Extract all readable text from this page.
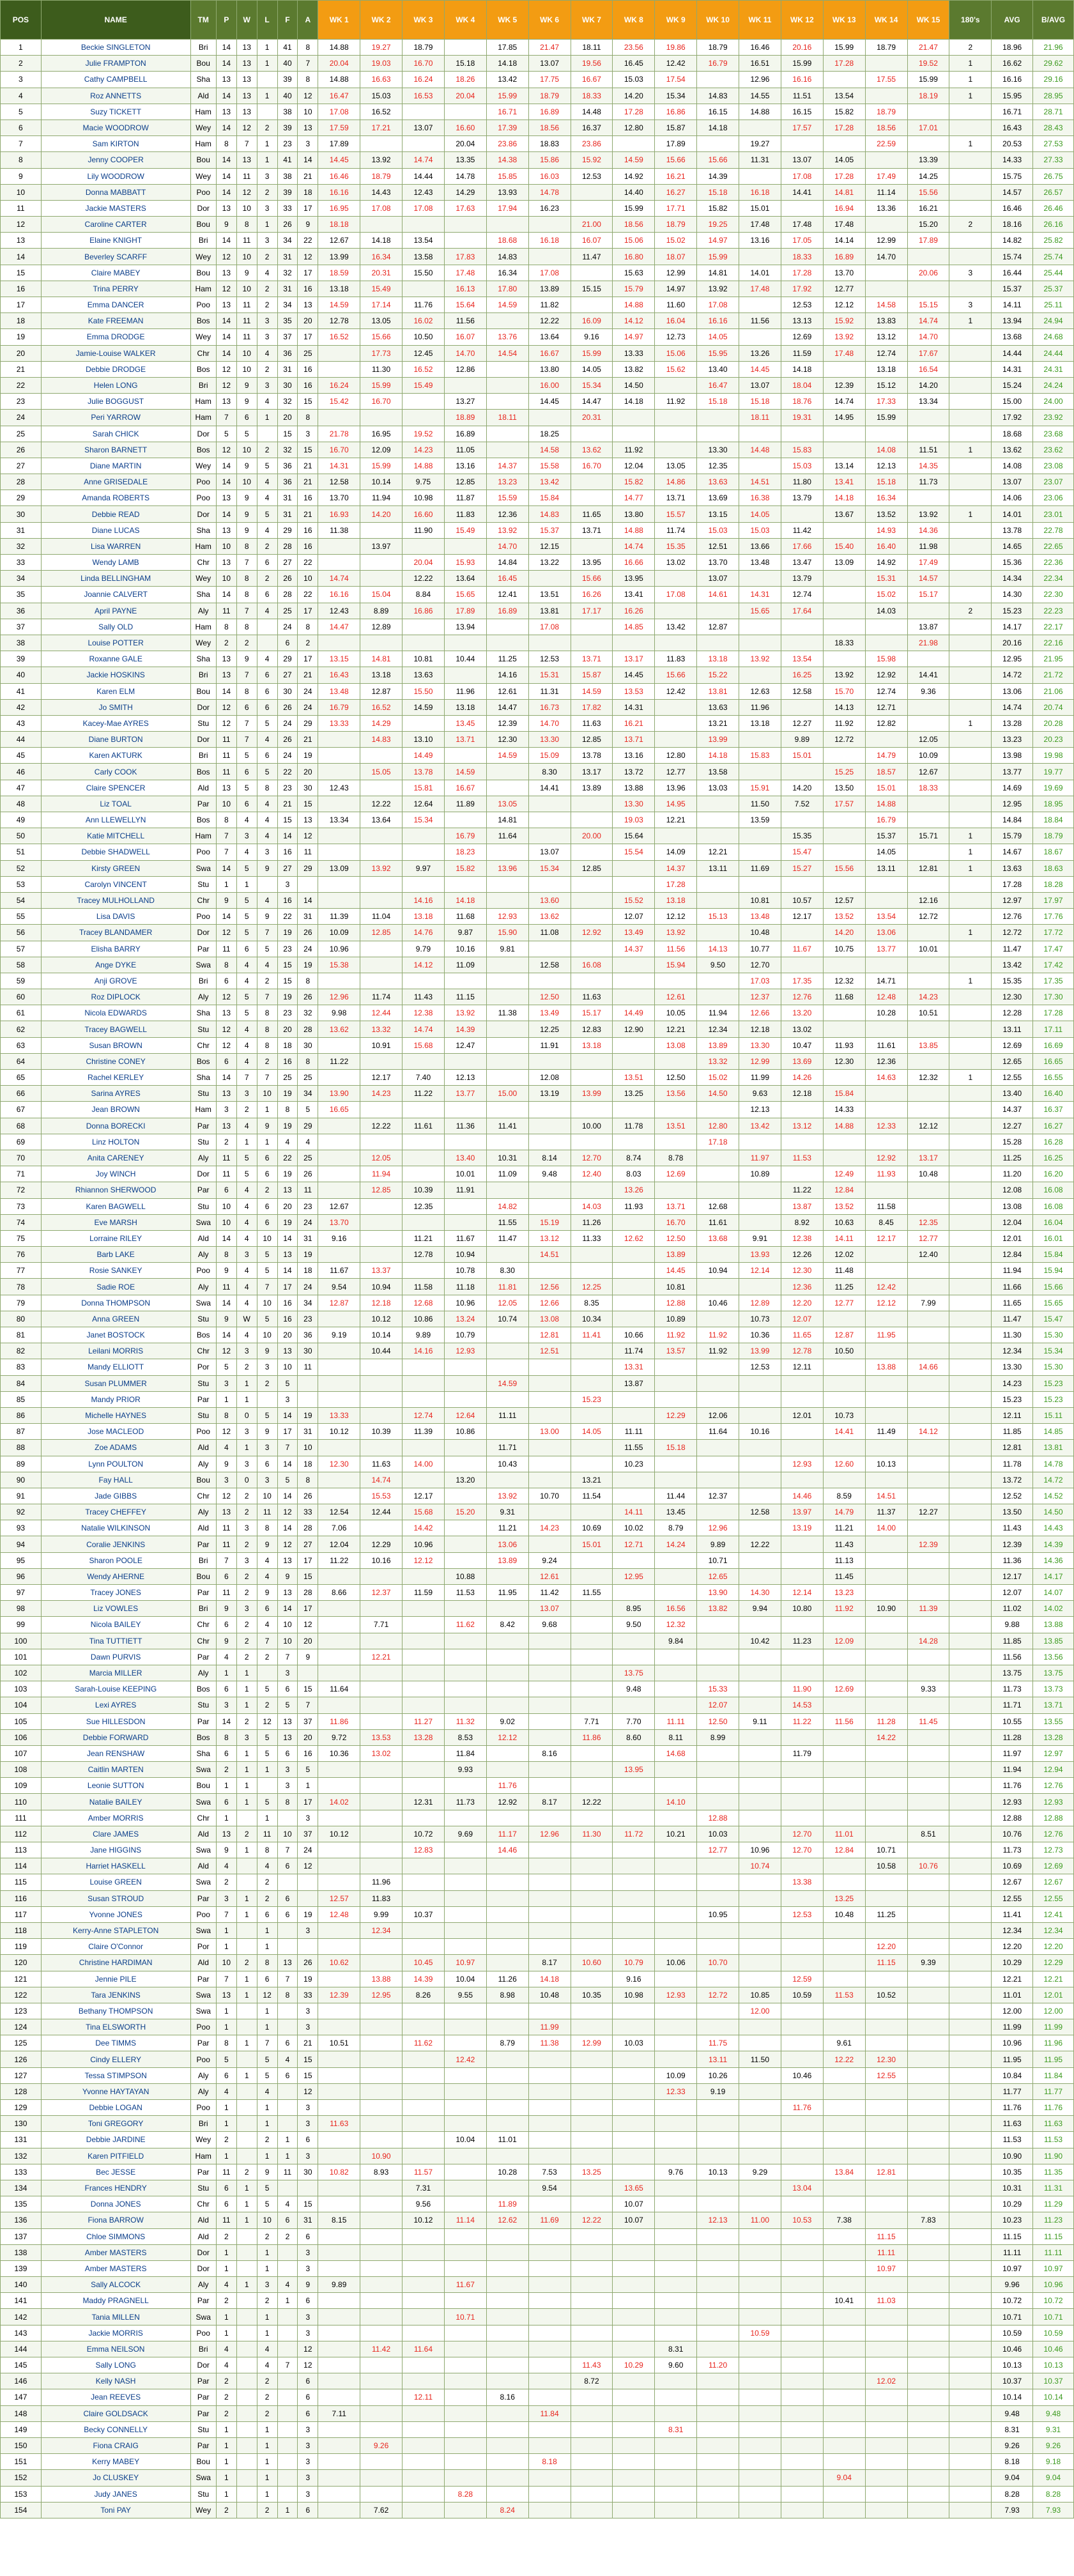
POS	NAME	TM	P	W	L	F	A	WK 1	WK 2	WK 3	WK 4	WK 5	WK 6	WK 7	WK 8	WK 9	WK 10	WK 11	WK 12	WK 13	WK 14	WK 15	180's	AVG	B/AVG
1	Beckie SINGLETON	Bri	14	13	1	41	8	14.88	19.27	18.79		17.85	21.47	18.11	23.56	19.86	18.79	16.46	20.16	15.99	18.79	21.47	2	18.96	21.96
2	Julie FRAMPTON	Bou	14	13	1	40	7	20.04	19.03	16.70	15.18	14.18	13.07	19.56	16.45	12.42	16.79	16.51	15.99	17.28		19.52	1	16.62	29.62
3	Cathy CAMPBELL	Sha	13	13		39	8	14.88	16.63	16.24	18.26	13.42	17.75	16.67	15.03	17.54		12.96	16.16		17.55	15.99	1	16.16	29.16
4	Roz ANNETTS	Ald	14	13	1	40	12	16.47	15.03	16.53	20.04	15.99	18.79	18.33	14.20	15.34	14.83	14.55	11.51	13.54		18.19	1	15.95	28.95
5	Suzy TICKETT	Ham	13	13		38	10	17.08	16.52			16.71	16.89	14.48	17.28	16.86	16.15	14.88	16.15	15.82	18.79			16.71	28.71
6	Macie WOODROW	Wey	14	12	2	39	13	17.59	17.21	13.07	16.60	17.39	18.56	16.37	12.80	15.87	14.18		17.57	17.28	18.56	17.01		16.43	28.43
7	Sam KIRTON	Ham	8	7	1	23	3	17.89			20.04	23.86	18.83	23.86		17.89		19.27			22.59		1	20.53	27.53
8	Jenny COOPER	Bou	14	13	1	41	14	14.45	13.92	14.74	13.35	14.38	15.86	15.92	14.59	15.66	15.66	11.31	13.07	14.05		13.39		14.33	27.33
9	Lily WOODROW	Wey	14	11	3	38	21	16.46	18.79	14.44	14.78	15.85	16.03	12.53	14.92	16.21	14.39		17.08	17.28	17.49	14.25		15.75	26.75
10	Donna MABBATT	Poo	14	12	2	39	18	16.16	14.43	12.43	14.29	13.93	14.78		14.40	16.27	15.18	16.18	14.41	14.81	11.14	15.56		14.57	26.57
11	Jackie MASTERS	Dor	13	10	3	33	17	16.95	17.08	17.08	17.63	17.94	16.23		15.99	17.71	15.82	15.01		16.94	13.36	16.21		16.46	26.46
12	Caroline CARTER	Bou	9	8	1	26	9	18.18						21.00	18.56	18.79	19.25	17.48	17.48	17.48		15.20	2	18.16	26.16
13	Elaine KNIGHT	Bri	14	11	3	34	22	12.67	14.18	13.54		18.68	16.18	16.07	15.06	15.02	14.97	13.16	17.05	14.14	12.99	17.89		14.82	25.82
14	Beverley SCARFF	Wey	12	10	2	31	12	13.99	16.34	13.58	17.83	14.83		11.47	16.80	18.07	15.99		18.33	16.89	14.70			15.74	25.74
15	Claire MABEY	Bou	13	9	4	32	17	18.59	20.31	15.50	17.48	16.34	17.08		15.63	12.99	14.81	14.01	17.28	13.70		20.06	3	16.44	25.44
16	Trina PERRY	Ham	12	10	2	31	16	13.18	15.49		16.13	17.80	13.89	15.15	15.79	14.97	13.92	17.48	17.92	12.77				15.37	25.37
17	Emma DANCER	Poo	13	11	2	34	13	14.59	17.14	11.76	15.64	14.59	11.82		14.88	11.60	17.08		12.53	12.12	14.58	15.15	3	14.11	25.11
18	Kate FREEMAN	Bos	14	11	3	35	20	12.78	13.05	16.02	11.56		12.22	16.09	14.12	16.04	16.16	11.56	13.13	15.92	13.83	14.74	1	13.94	24.94
19	Emma DRODGE	Wey	14	11	3	37	17	16.52	15.66	10.50	16.07	13.76	13.64	9.16	14.97	12.73	14.05		12.69	13.92	13.12	14.70		13.68	24.68
20	Jamie-Louise WALKER	Chr	14	10	4	36	25		17.73	12.45	14.70	14.54	16.67	15.99	13.33	15.06	15.95	13.26	11.59	17.48	12.74	17.67		14.44	24.44
21	Debbie DRODGE	Bos	12	10	2	31	16		11.30	16.52	12.86		13.80	14.05	13.82	15.62	13.40	14.45	14.18		13.18	16.54		14.31	24.31
22	Helen LONG	Bri	12	9	3	30	16	16.24	15.99	15.49			16.00	15.34	14.50		16.47	13.07	18.04	12.39	15.12	14.20		15.24	24.24
23	Julie BOGGUST	Ham	13	9	4	32	15	15.42	16.70		13.27		14.45	14.47	14.18	11.92	15.18	15.18	18.76	14.74	17.33	13.34		15.00	24.00
24	Peri YARROW	Ham	7	6	1	20	8				18.89	18.11		20.31				18.11	19.31	14.95	15.99			17.92	23.92
25	Sarah CHICK	Dor	5	5		15	3	21.78	16.95	19.52	16.89		18.25											18.68	23.68
26	Sharon BARNETT	Bos	12	10	2	32	15	16.70	12.09	14.23	11.05		14.58	13.62	11.92		13.30	14.48	15.83		14.08	11.51	1	13.62	23.62
27	Diane MARTIN	Wey	14	9	5	36	21	14.31	15.99	14.88	13.16	14.37	15.58	16.70	12.04	13.05	12.35		15.03	13.14	12.13	14.35		14.08	23.08
28	Anne GRISEDALE	Poo	14	10	4	36	21	12.58	10.14	9.75	12.85	13.23	13.42		15.82	14.86	13.63	14.51	11.80	13.41	15.18	11.73		13.07	23.07
29	Amanda ROBERTS	Poo	13	9	4	31	16	13.70	11.94	10.98	11.87	15.59	15.84		14.77	13.71	13.69	16.38	13.79	14.18	16.34			14.06	23.06
30	Debbie READ	Dor	14	9	5	31	21	16.93	14.20	16.60	11.83	12.36	14.83	11.65	13.80	15.57	13.15	14.05		13.67	13.52	13.92	1	14.01	23.01
31	Diane LUCAS	Sha	13	9	4	29	16	11.38		11.90	15.49	13.92	15.37	13.71	14.88	11.74	15.03	15.03	11.42		14.93	14.36		13.78	22.78
32	Lisa WARREN	Ham	10	8	2	28	16		13.97			14.70	12.15		14.74	15.35	12.51	13.66	17.66	15.40	16.40	11.98		14.65	22.65
33	Wendy LAMB	Chr	13	7	6	27	22			20.04	15.93	14.84	13.22	13.95	16.66	13.02	13.70	13.48	13.47	13.09	14.92	17.49		15.36	22.36
34	Linda BELLINGHAM	Wey	10	8	2	26	10	14.74		12.22	13.64	16.45		15.66	13.95		13.07		13.79		15.31	14.57		14.34	22.34
35	Joannie CALVERT	Sha	14	8	6	28	22	16.16	15.04	8.84	15.65	12.41	13.51	16.26	13.41	17.08	14.61	14.31	12.74		15.02	15.17		14.30	22.30
36	April PAYNE	Aly	11	7	4	25	17	12.43	8.89	16.86	17.89	16.89	13.81	17.17	16.26			15.65	17.64		14.03		2	15.23	22.23
37	Sally OLD	Ham	8	8		24	8	14.47	12.89		13.94		17.08		14.85	13.42	12.87					13.87		14.17	22.17
38	Louise POTTER	Wey	2	2		6	2													18.33		21.98		20.16	22.16
39	Roxanne GALE	Sha	13	9	4	29	17	13.15	14.81	10.81	10.44	11.25	12.53	13.71	13.17	11.83	13.18	13.92	13.54		15.98			12.95	21.95
40	Jackie HOSKINS	Bri	13	7	6	27	21	16.43	13.18	13.63		14.16	15.31	15.87	14.45	15.66	15.22		16.25	13.92	12.92	14.41		14.72	21.72
41	Karen ELM	Bou	14	8	6	30	24	13.48	12.87	15.50	11.96	12.61	11.31	14.59	13.53	12.42	13.81	12.63	12.58	15.70	12.74	9.36		13.06	21.06
42	Jo SMITH	Dor	12	6	6	26	24	16.79	16.52	14.59	13.18	14.47	16.73	17.82	14.31		13.63	11.96		14.13	12.71			14.74	20.74
43	Kacey-Mae AYRES	Stu	12	7	5	24	29	13.33	14.29		13.45	12.39	14.70	11.63	16.21		13.21	13.18	12.27	11.92	12.82		1	13.28	20.28
44	Diane BURTON	Dor	11	7	4	26	21		14.83	13.10	13.71	12.30	13.30	12.85	13.71		13.99		9.89	12.72		12.05		13.23	20.23
45	Karen AKTURK	Bri	11	5	6	24	19			14.49		14.59	15.09	13.78	13.16	12.80	14.18	15.83	15.01		14.79	10.09		13.98	19.98
46	Carly COOK	Bos	11	6	5	22	20		15.05	13.78	14.59		8.30	13.17	13.72	12.77	13.58			15.25	18.57	12.67		13.77	19.77
47	Claire SPENCER	Ald	13	5	8	23	30	12.43		15.81	16.67		14.41	13.89	13.88	13.96	13.03	15.91	14.20	13.50	15.01	18.33		14.69	19.69
48	Liz TOAL	Par	10	6	4	21	15		12.22	12.64	11.89	13.05			13.30	14.95		11.50	7.52	17.57	14.88			12.95	18.95
49	Ann LLEWELLYN	Bos	8	4	4	15	13	13.34	13.64	15.34		14.81			19.03	12.21		13.59			16.79			14.84	18.84
50	Katie MITCHELL	Ham	7	3	4	14	12				16.79	11.64		20.00	15.64				15.35		15.37	15.71	1	15.79	18.79
51	Debbie SHADWELL	Poo	7	4	3	16	11				18.23		13.07		15.54	14.09	12.21		15.47		14.05		1	14.67	18.67
52	Kirsty GREEN	Swa	14	5	9	27	29	13.09	13.92	9.97	15.82	13.96	15.34	12.85		14.37	13.11	11.69	15.27	15.56	13.11	12.81	1	13.63	18.63
53	Carolyn VINCENT	Stu	1	1		3										17.28								17.28	18.28
54	Tracey MULHOLLAND	Chr	9	5	4	16	14			14.16	14.18		13.60		15.52	13.18		10.81	10.57	12.57		12.16		12.97	17.97
55	Lisa DAVIS	Poo	14	5	9	22	31	11.39	11.04	13.18	11.68	12.93	13.62		12.07	12.12	15.13	13.48	12.17	13.52	13.54	12.72		12.76	17.76
56	Tracey BLANDAMER	Dor	12	5	7	19	26	10.09	12.85	14.76	9.87	15.90	11.08	12.92	13.49	13.92		10.48		14.20	13.06		1	12.72	17.72
57	Elisha BARRY	Par	11	6	5	23	24	10.96		9.79	10.16	9.81			14.37	11.56	14.13	10.77	11.67	10.75	13.77	10.01		11.47	17.47
58	Ange DYKE	Swa	8	4	4	15	19	15.38		14.12	11.09		12.58	16.08		15.94	9.50	12.70						13.42	17.42
59	Anji GROVE	Bri	6	4	2	15	8											17.03	17.35	12.32	14.71		1	15.35	17.35
60	Roz DIPLOCK	Aly	12	5	7	19	26	12.96	11.74	11.43	11.15		12.50	11.63		12.61		12.37	12.76	11.68	12.48	14.23		12.30	17.30
61	Nicola EDWARDS	Sha	13	5	8	23	32	9.98	12.44	12.38	13.92	11.38	13.49	15.17	14.49	10.05	11.94	12.66	13.20		10.28	10.51		12.28	17.28
62	Tracey BAGWELL	Stu	12	4	8	20	28	13.62	13.32	14.74	14.39		12.25	12.83	12.90	12.21	12.34	12.18	13.02					13.11	17.11
63	Susan BROWN	Chr	12	4	8	18	30		10.91	15.68	12.47		11.91	13.18		13.08	13.89	13.30	10.47	11.93	11.61	13.85		12.69	16.69
64	Christine CONEY	Bos	6	4	2	16	8	11.22									13.32	12.99	13.69	12.30	12.36			12.65	16.65
65	Rachel KERLEY	Sha	14	7	7	25	25		12.17	7.40	12.13		12.08		13.51	12.50	15.02	11.99	14.26		14.63	12.32	1	12.55	16.55
66	Sarina AYRES	Stu	13	3	10	19	34	13.90	14.23	11.22	13.77	15.00	13.19	13.99	13.25	13.56	14.50	9.63	12.18	15.84				13.40	16.40
67	Jean BROWN	Ham	3	2	1	8	5	16.65										12.13		14.33				14.37	16.37
68	Donna BORECKI	Par	13	4	9	19	29		12.22	11.61	11.36	11.41		10.00	11.78	13.51	12.80	13.42	13.12	14.88	12.33	12.12		12.27	16.27
69	Linz HOLTON	Stu	2	1	1	4	4										17.18							15.28	16.28
70	Anita CARENEY	Aly	11	5	6	22	25		12.05		13.40	10.31	8.14	12.70	8.74	8.78		11.97	11.53		12.92	13.17		11.25	16.25
71	Joy WINCH	Dor	11	5	6	19	26		11.94		10.01	11.09	9.48	12.40	8.03	12.69		10.89		12.49	11.93	10.48		11.20	16.20
72	Rhiannon SHERWOOD	Par	6	4	2	13	11		12.85	10.39	11.91				13.26				11.22	12.84				12.08	16.08
73	Karen BAGWELL	Stu	10	4	6	20	23	12.67		12.35		14.82		14.03	11.93	13.71	12.68		13.87	13.52	11.58			13.08	16.08
74	Eve MARSH	Swa	10	4	6	19	24	13.70				11.55	15.19	11.26		16.70	11.61		8.92	10.63	8.45	12.35		12.04	16.04
75	Lorraine RILEY	Ald	14	4	10	14	31	9.16		11.21	11.67	11.47	13.12	11.33	12.62	12.50	13.68	9.91	12.38	14.11	12.17	12.77		12.01	16.01
76	Barb LAKE	Aly	8	3	5	13	19			12.78	10.94		14.51			13.89		13.93	12.26	12.02		12.40		12.84	15.84
77	Rosie SANKEY	Poo	9	4	5	14	18	11.67	13.37		10.78	8.30				14.45	10.94	12.14	12.30	11.48				11.94	15.94
78	Sadie ROE	Aly	11	4	7	17	24	9.54	10.94	11.58	11.18	11.81	12.56	12.25		10.81			12.36	11.25	12.42			11.66	15.66
79	Donna THOMPSON	Swa	14	4	10	16	34	12.87	12.18	12.68	10.96	12.05	12.66	8.35		12.88	10.46	12.89	12.20	12.77	12.12	7.99		11.65	15.65
80	Anna GREEN	Stu	9	W	5	16	23		10.12	10.86	13.24	10.74	13.08	10.34		10.89		10.73	12.07					11.47	15.47
81	Janet BOSTOCK	Bos	14	4	10	20	36	9.19	10.14	9.89	10.79		12.81	11.41	10.66	11.92	11.92	10.36	11.65	12.87	11.95			11.30	15.30
82	Leilani MORRIS	Chr	12	3	9	13	30		10.44	14.16	12.93		12.51		11.74	13.57	11.92	13.99	12.78	10.50				12.34	15.34
83	Mandy ELLIOTT	Por	5	2	3	10	11								13.31			12.53	12.11		13.88	14.66		13.30	15.30
84	Susan PLUMMER	Stu	3	1	2	5						14.59			13.87									14.23	15.23
85	Mandy PRIOR	Par	1	1		3								15.23										15.23	15.23
86	Michelle HAYNES	Stu	8	0	5	14	19	13.33		12.74	12.64	11.11				12.29	12.06		12.01	10.73				12.11	15.11
87	Jose MACLEOD	Poo	12	3	9	17	31	10.12	10.39	11.39	10.86		13.00	14.05	11.11		11.64	10.16		14.41	11.49	14.12		11.85	14.85
88	Zoe ADAMS	Ald	4	1	3	7	10					11.71			11.55	15.18								12.81	13.81
89	Lynn POULTON	Aly	9	3	6	14	18	12.30	11.63	14.00		10.43			10.23				12.93	12.60	10.13			11.78	14.78
90	Fay HALL	Bou	3	0	3	5	8		14.74		13.20			13.21										13.72	14.72
91	Jade GIBBS	Chr	12	2	10	14	26		15.53	12.17		13.92	10.70	11.54		11.44	12.37		14.46	8.59	14.51			12.52	14.52
92	Tracey CHEFFEY	Aly	13	2	11	12	33	12.54	12.44	15.68	15.20	9.31			14.11	13.45		12.58	13.97	14.79	11.37	12.27		13.50	14.50
93	Natalie WILKINSON	Ald	11	3	8	14	28	7.06		14.42		11.21	14.23	10.69	10.02	8.79	12.96		13.19	11.21	14.00			11.43	14.43
94	Coralie JENKINS	Par	11	2	9	12	27	12.04	12.29	10.96		13.06		15.01	12.71	14.24	9.89	12.22		11.43		12.39		12.39	14.39
95	Sharon POOLE	Bri	7	3	4	13	17	11.22	10.16	12.12		13.89	9.24				10.71			11.13				11.36	14.36
96	Wendy AHERNE	Bou	6	2	4	9	15				10.88		12.61		12.95		12.65			11.45				12.17	14.17
97	Tracey JONES	Par	11	2	9	13	28	8.66	12.37	11.59	11.53	11.95	11.42	11.55			13.90	14.30	12.14	13.23				12.07	14.07
98	Liz VOWLES	Bri	9	3	6	14	17						13.07		8.95	16.56	13.82	9.94	10.80	11.92	10.90	11.39		11.02	14.02
99	Nicola BAILEY	Chr	6	2	4	10	12		7.71		11.62	8.42	9.68		9.50	12.32								9.88	13.88
100	Tina TUTTIETT	Chr	9	2	7	10	20									9.84		10.42	11.23	12.09		14.28		11.85	13.85
101	Dawn PURVIS	Par	4	2	2	7	9		12.21															11.56	13.56
102	Marcia MILLER	Aly	1	1		3									13.75									13.75	13.75
103	Sarah-Louise KEEPING	Bos	6	1	5	6	15	11.64							9.48		15.33		11.90	12.69		9.33		11.73	13.73
104	Lexi AYRES	Stu	3	1	2	5	7										12.07		14.53					11.71	13.71
105	Sue HILLESDON	Par	14	2	12	13	37	11.86		11.27	11.32	9.02		7.71	7.70	11.11	12.50	9.11	11.22	11.56	11.28	11.45		10.55	13.55
106	Debbie FORWARD	Bos	8	3	5	13	20	9.72	13.53	13.28	8.53	12.12		11.86	8.60	8.11	8.99				14.22			11.28	13.28
107	Jean RENSHAW	Sha	6	1	5	6	16	10.36	13.02		11.84		8.16			14.68			11.79					11.97	12.97
108	Caitlin MARTEN	Swa	2	1	1	3	5				9.93				13.95									11.94	12.94
109	Leonie SUTTON	Bou	1	1		3	1					11.76												11.76	12.76
110	Natalie BAILEY	Swa	6	1	5	8	17	14.02		12.31	11.73	12.92	8.17	12.22		14.10								12.93	12.93
111	Amber MORRIS	Chr	1		1		3										12.88							12.88	12.88
112	Clare JAMES	Ald	13	2	11	10	37	10.12		10.72	9.69	11.17	12.96	11.30	11.72	10.21	10.03		12.70	11.01		8.51		10.76	12.76
113	Jane HIGGINS	Swa	9	1	8	7	24			12.83		14.46					12.77	10.96	12.70	12.84	10.71			11.73	12.73
114	Harriet HASKELL	Ald	4		4	6	12											10.74			10.58	10.76		10.69	12.69
115	Louise GREEN	Swa	2		2				11.96										13.38					12.67	12.67
116	Susan STROUD	Par	3	1	2	6		12.57	11.83											13.25				12.55	12.55
117	Yvonne JONES	Poo	7	1	6	6	19	12.48	9.99	10.37							10.95		12.53	10.48	11.25			11.41	12.41
118	Kerry-Anne STAPLETON	Swa	1		1		3		12.34															12.34	12.34
119	Claire O'Connor	Por	1		1																12.20			12.20	12.20
120	Christine HARDIMAN	Ald	10	2	8	13	26	10.62		10.45	10.97		8.17	10.60	10.79	10.06	10.70				11.15	9.39		10.29	12.29
121	Jennie PILE	Par	7	1	6	7	19		13.88	14.39	10.04	11.26	14.18		9.16				12.59					12.21	12.21
122	Tara JENKINS	Swa	13	1	12	8	33	12.39	12.95	8.26	9.55	8.98	10.48	10.35	10.98	12.93	12.72	10.85	10.59	11.53	10.52			11.01	12.01
123	Bethany THOMPSON	Swa	1		1		3											12.00						12.00	12.00
124	Tina ELSWORTH	Poo	1		1		3						11.99											11.99	11.99
125	Dee TIMMS	Par	8	1	7	6	21	10.51		11.62		8.79	11.38	12.99	10.03		11.75			9.61				10.96	11.96
126	Cindy ELLERY	Poo	5		5	4	15				12.42						13.11	11.50		12.22	12.30			11.95	11.95
127	Tessa STIMPSON	Aly	6	1	5	6	15									10.09	10.26		10.46		12.55			10.84	11.84
128	Yvonne HAYTAYAN	Aly	4		4		12									12.33	9.19							11.77	11.77
129	Debbie LOGAN	Poo	1		1		3												11.76					11.76	11.76
130	Toni GREGORY	Bri	1		1		3	11.63																11.63	11.63
131	Debbie JARDINE	Wey	2		2	1	6				10.04	11.01												11.53	11.53
132	Karen PITFIELD	Ham	1		1	1	3		10.90															10.90	11.90
133	Bec JESSE	Par	11	2	9	11	30	10.82	8.93	11.57		10.28	7.53	13.25		9.76	10.13	9.29		13.84	12.81			10.35	11.35
134	Frances HENDRY	Stu	6	1	5					7.31			9.54		13.65				13.04					10.31	11.31
135	Donna JONES	Chr	6	1	5	4	15			9.56		11.89			10.07									10.29	11.29
136	Fiona BARROW	Ald	11	1	10	6	31	8.15		10.12	11.14	12.62	11.69	12.22	10.07		12.13	11.00	10.53	7.38		7.83		10.23	11.23
137	Chloe SIMMONS	Ald	2		2	2	6														11.15			11.15	11.15
138	Amber MASTERS	Dor	1		1		3														11.11			11.11	11.11
139	Amber MASTERS	Dor	1		1		3														10.97			10.97	10.97
140	Sally ALCOCK	Aly	4	1	3	4	9	9.89			11.67													9.96	10.96
141	Maddy PRAGNELL	Par	2		2	1	6													10.41	11.03			10.72	10.72
142	Tania MILLEN	Swa	1		1		3				10.71													10.71	10.71
143	Jackie MORRIS	Poo	1		1		3											10.59						10.59	10.59
144	Emma NEILSON	Bri	4		4		12		11.42	11.64						8.31								10.46	10.46
145	Sally LONG	Dor	4		4	7	12							11.43	10.29	9.60	11.20							10.13	10.13
146	Kelly NASH	Par	2		2		6							8.72							12.02			10.37	10.37
147	Jean REEVES	Par	2		2		6			12.11		8.16												10.14	10.14
148	Claire GOLDSACK	Par	2		2		6	7.11					11.84											9.48	9.48
149	Becky CONNELLY	Stu	1		1		3									8.31								8.31	9.31
150	Fiona CRAIG	Par	1		1		3		9.26															9.26	9.26
151	Kerry MABEY	Bou	1		1		3						8.18											8.18	9.18
152	Jo CLUSKEY	Swa	1		1		3													9.04				9.04	9.04
153	Judy JANES	Stu	1		1		3				8.28													8.28	8.28
154	Toni PAY	Wey	2		2	1	6		7.62			8.24												7.93	7.93
